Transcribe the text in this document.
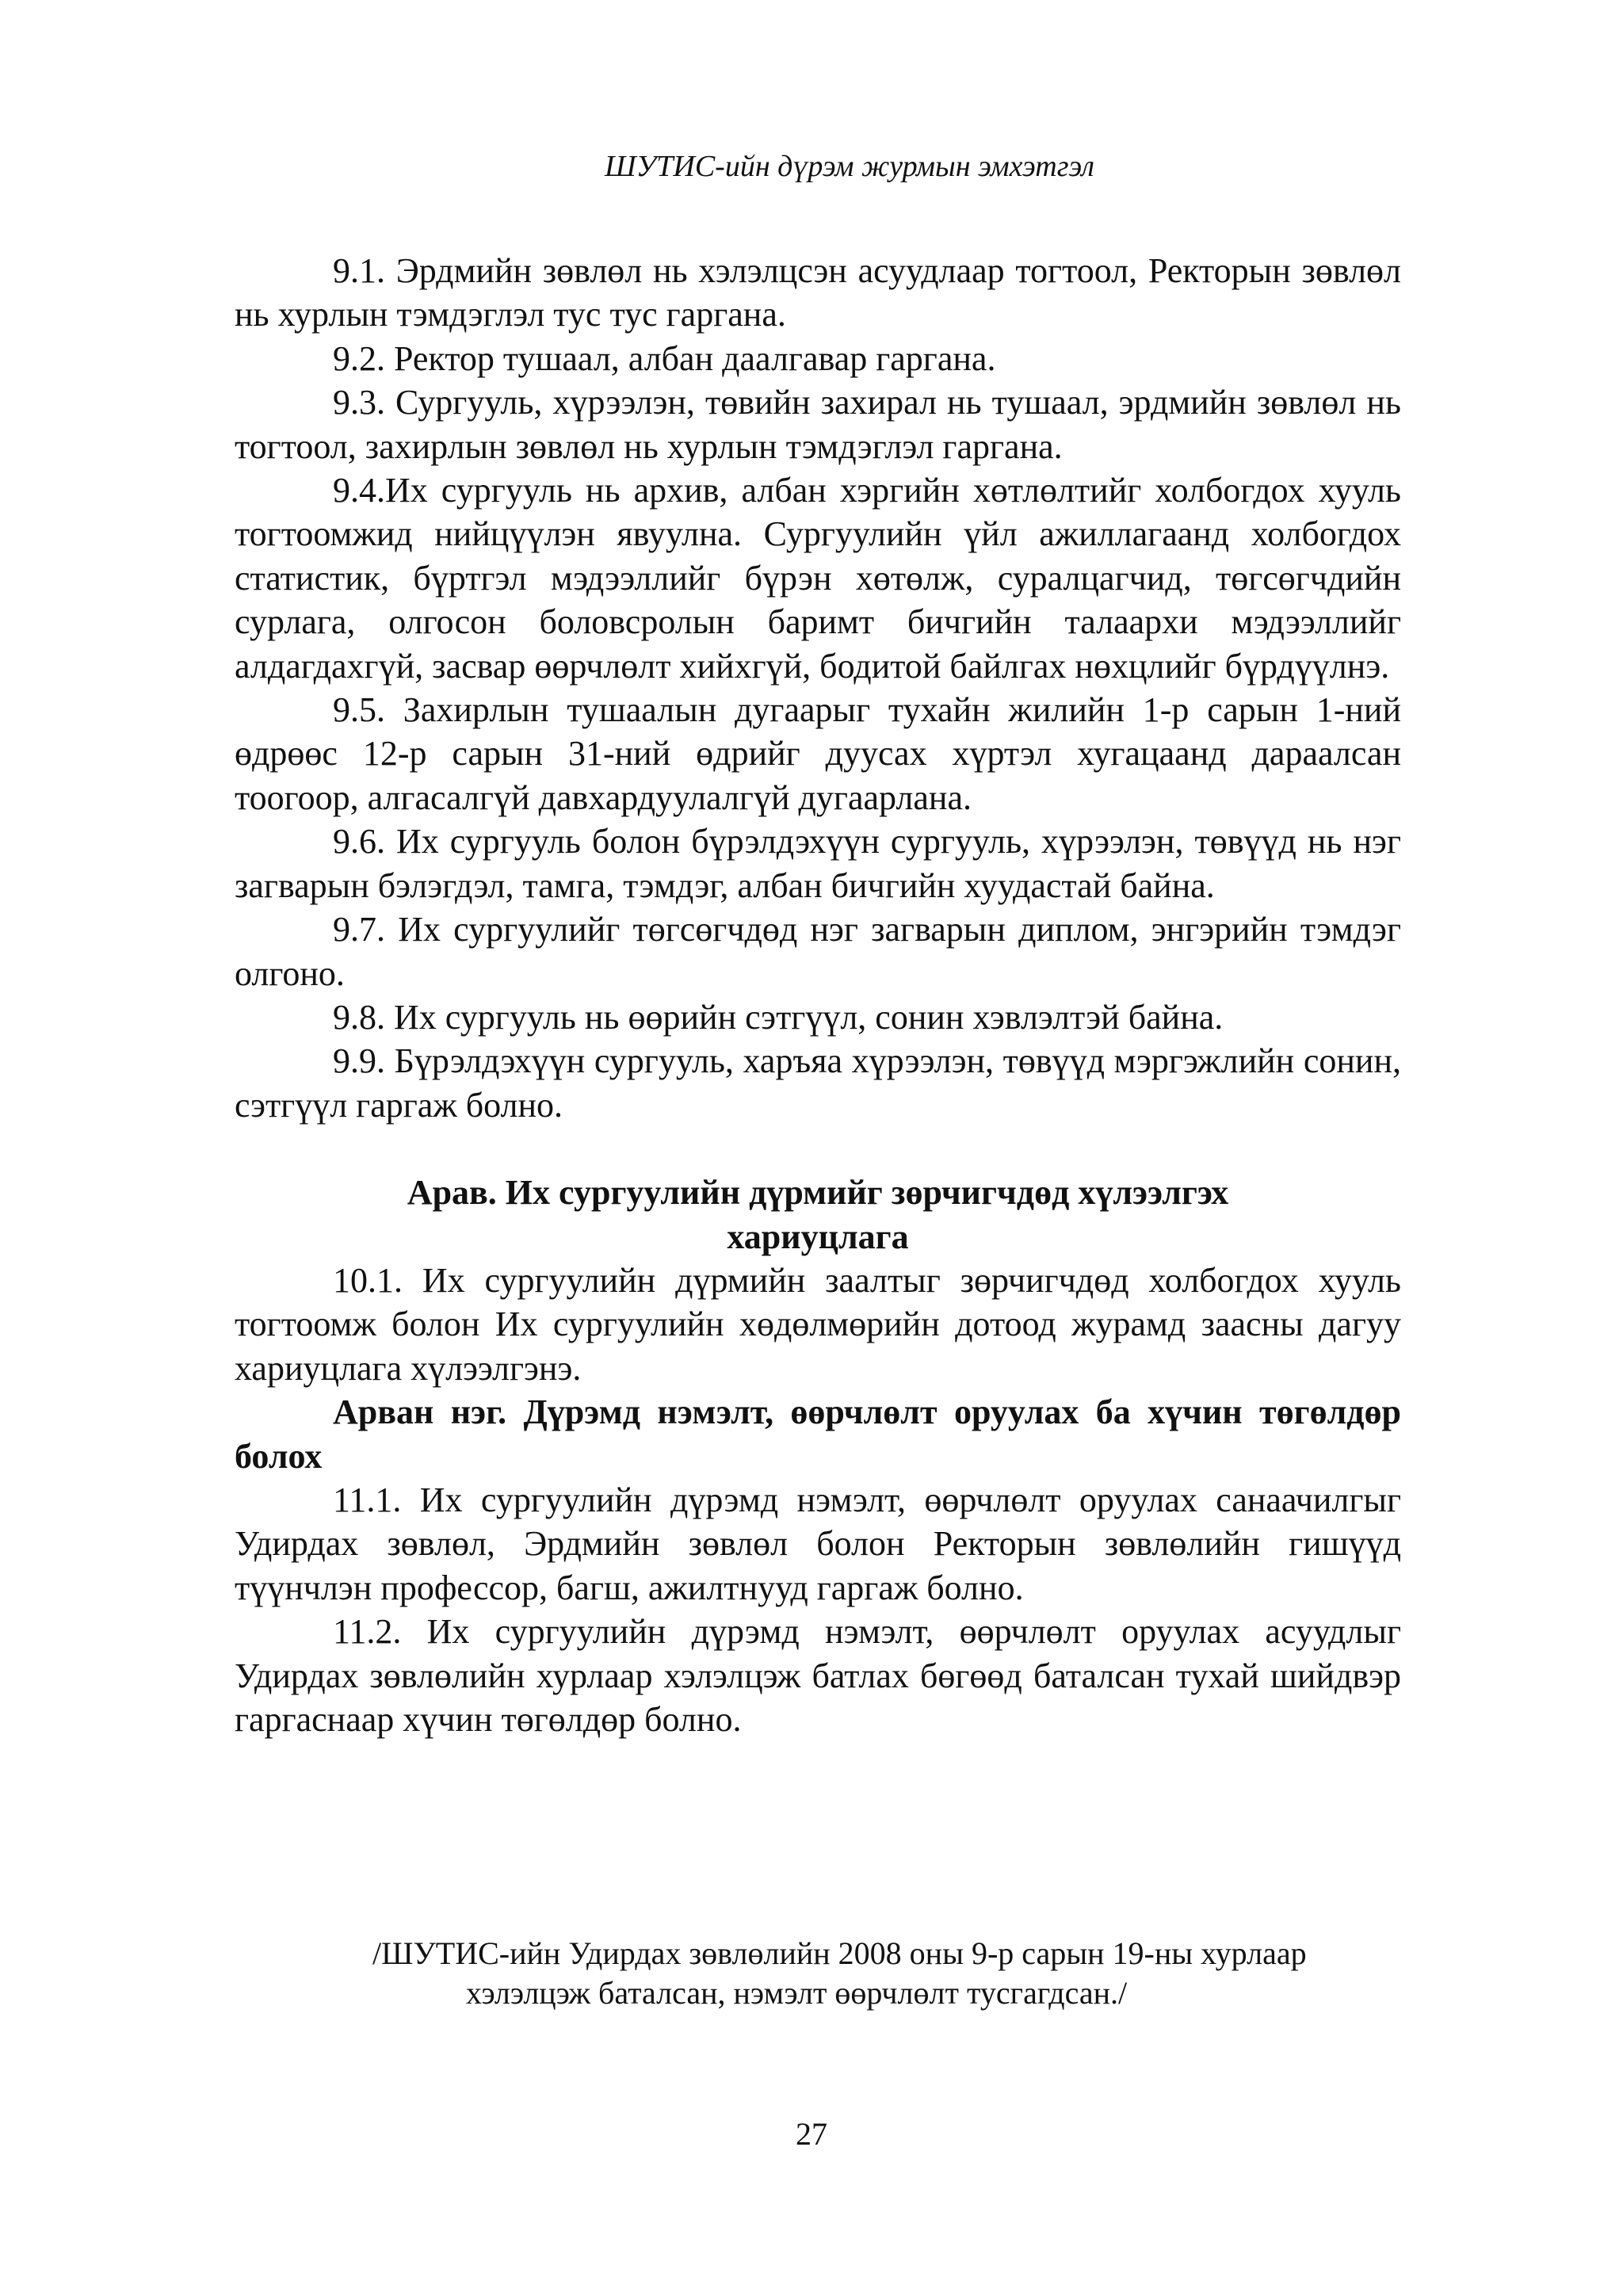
ШУТИС-ийн дүрэм журмын эмхэтгэл

9.1. Эрдмийн зөвлөл нь хэлэлцсэн асуудлаар тогтоол, Ректорын зөвлөл нь хурлын тэмдэглэл тус тус гаргана.

9.2. Ректор тушаал, албан даалгавар гаргана.

9.3. Сургууль, хүрээлэн, төвийн захирал нь тушаал, эрдмийн зөвлөл нь тогтоол, захирлын зөвлөл нь хурлын тэмдэглэл гаргана.

9.4.Их сургууль нь архив, албан хэргийн хөтлөлтийг холбогдох хууль тогтоомжид нийцүүлэн явуулна. Сургуулийн үйл ажиллагаанд холбогдох статистик, бүртгэл мэдээллийг бүрэн хөтөлж, суралцагчид, төгсөгчдийн сурлага, олгосон боловсролын баримт бичгийн талаархи мэдээллийг алдагдахгүй, засвар өөрчлөлт хийхгүй, бодитой байлгах нөхцлийг бүрдүүлнэ.

9.5. Захирлын тушаалын дугаарыг тухайн жилийн 1-р сарын 1-ний өдрөөс 12-р сарын 31-ний өдрийг дуусах хүртэл хугацаанд дараалсан тоогоор, алгасалгүй давхардуулалгүй дугаарлана.

9.6. Их сургууль болон бүрэлдэхүүн сургууль, хүрээлэн, төвүүд нь нэг загварын бэлэгдэл, тамга, тэмдэг, албан бичгийн хуудастай байна.

9.7. Их сургуулийг төгсөгчдөд нэг загварын диплом, энгэрийн тэмдэг олгоно.

9.8. Их сургууль нь өөрийн сэтгүүл, сонин хэвлэлтэй байна.

9.9. Бүрэлдэхүүн сургууль, харъяа хүрээлэн, төвүүд мэргэжлийн сонин, сэтгүүл гаргаж болно.

Арав. Их сургуулийн дүрмийг зөрчигчдөд хүлээлгэх
хариуцлага

10.1. Их сургуулийн дүрмийн заалтыг зөрчигчдөд холбогдох хууль тогтоомж болон Их сургуулийн хөдөлмөрийн дотоод журамд заасны дагуу хариуцлага хүлээлгэнэ.

Арван нэг. Дүрэмд нэмэлт, өөрчлөлт оруулах ба хүчин төгөлдөр болох

11.1. Их сургуулийн дүрэмд нэмэлт, өөрчлөлт оруулах санаачилгыг Удирдах зөвлөл, Эрдмийн зөвлөл болон Ректорын зөвлөлийн гишүүд түүнчлэн профессор, багш, ажилтнууд гаргаж болно.

11.2. Их сургуулийн дүрэмд нэмэлт, өөрчлөлт оруулах асуудлыг Удирдах зөвлөлийн хурлаар хэлэлцэж батлах бөгөөд баталсан тухай шийдвэр гаргаснаар хүчин төгөлдөр болно.

/ШУТИС-ийн Удирдах зөвлөлийн 2008 оны 9-р сарын 19-ны хурлаар
хэлэлцэж баталсан, нэмэлт өөрчлөлт тусгагдсан./
27
